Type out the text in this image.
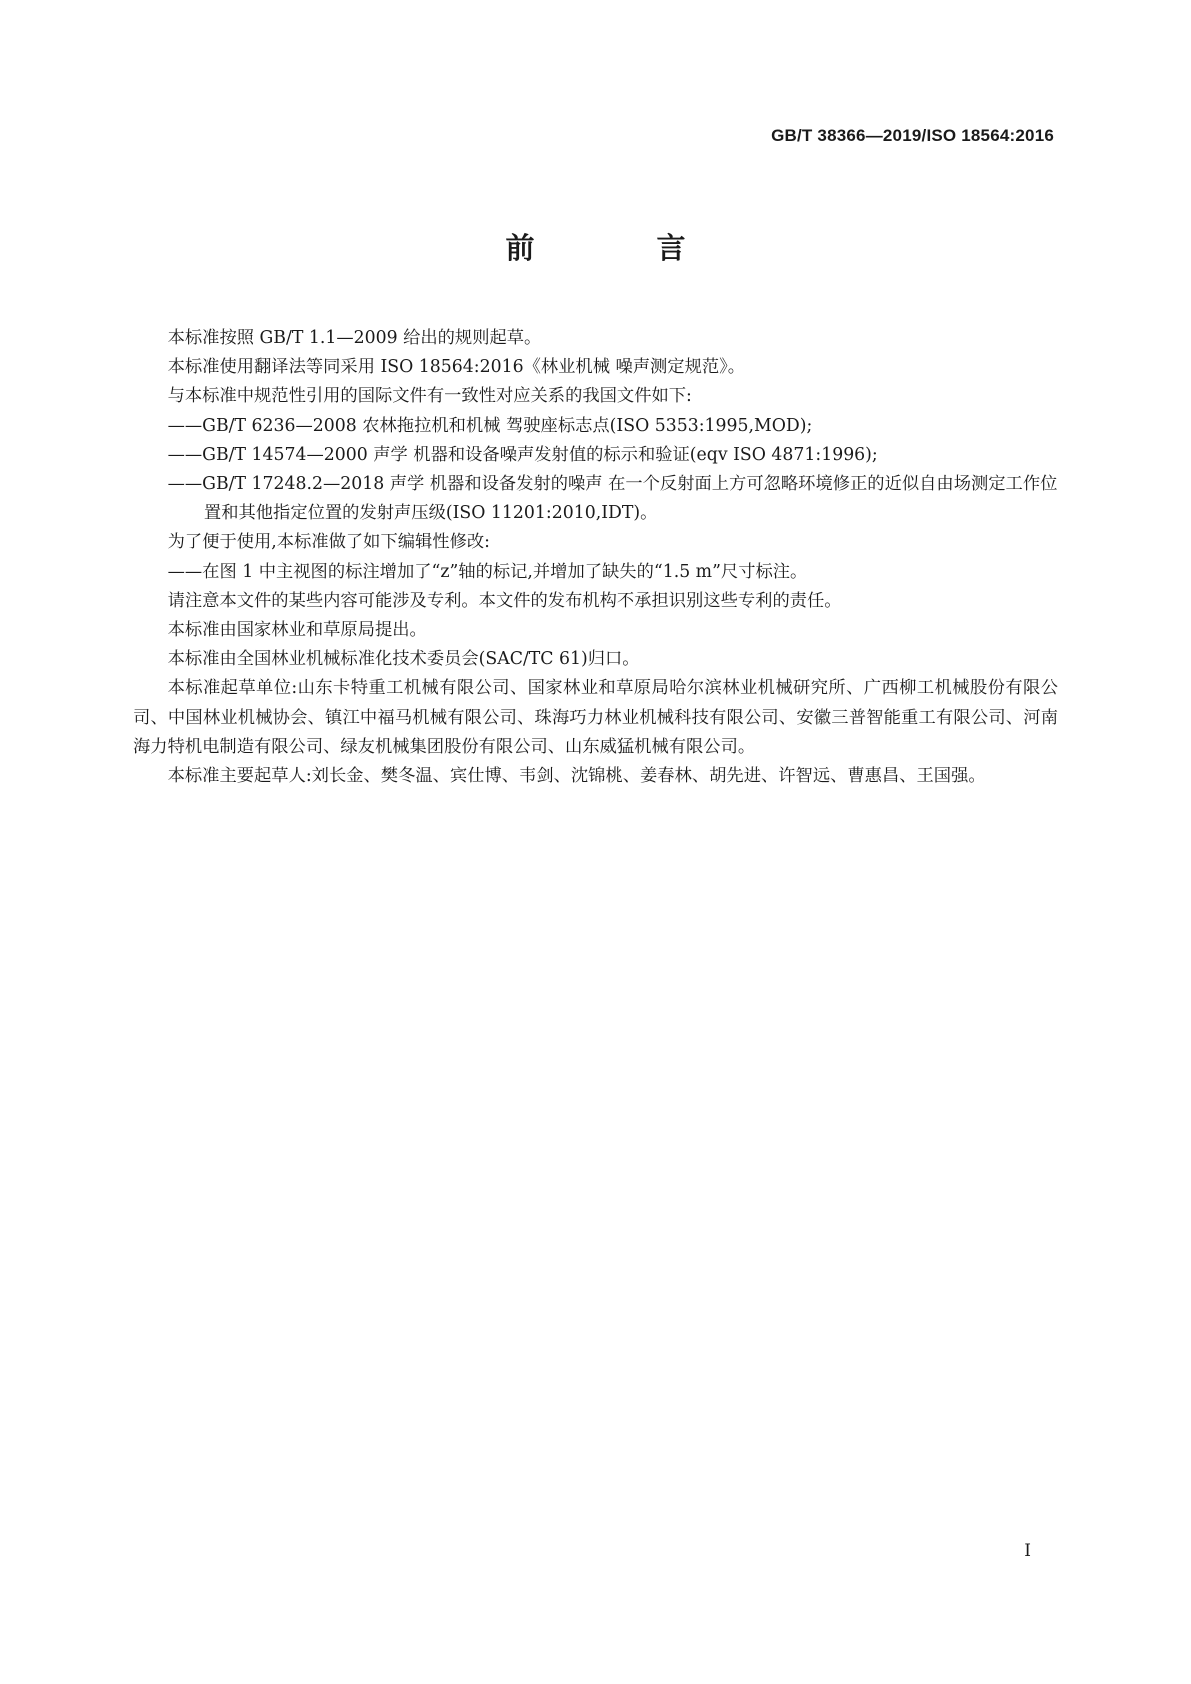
GB/T 38366—2019/ISO 18564:2016
前 言

本标准按照 GB/T 1.1—2009 给出的规则起草。

本标准使用翻译法等同采用 ISO 18564:2016《林业机械 噪声测定规范》。

与本标准中规范性引用的国际文件有一致性对应关系的我国文件如下:

——GB/T 6236—2008 农林拖拉机和机械 驾驶座标志点(ISO 5353:1995,MOD);

——GB/T 14574—2000 声学 机器和设备噪声发射值的标示和验证(eqv ISO 4871:1996);

——GB/T 17248.2—2018 声学 机器和设备发射的噪声 在一个反射面上方可忽略环境修正的近似自由场测定工作位置和其他指定位置的发射声压级(ISO 11201:2010,IDT)。

为了便于使用,本标准做了如下编辑性修改:

——在图 1 中主视图的标注增加了“z”轴的标记,并增加了缺失的“1.5 m”尺寸标注。

请注意本文件的某些内容可能涉及专利。本文件的发布机构不承担识别这些专利的责任。

本标准由国家林业和草原局提出。

本标准由全国林业机械标准化技术委员会(SAC/TC 61)归口。

本标准起草单位:山东卡特重工机械有限公司、国家林业和草原局哈尔滨林业机械研究所、广西柳工机械股份有限公司、中国林业机械协会、镇江中福马机械有限公司、珠海巧力林业机械科技有限公司、安徽三普智能重工有限公司、河南海力特机电制造有限公司、绿友机械集团股份有限公司、山东威猛机械有限公司。

本标准主要起草人:刘长金、樊冬温、宾仕博、韦剑、沈锦桃、姜春林、胡先进、许智远、曹惠昌、王国强。

I
